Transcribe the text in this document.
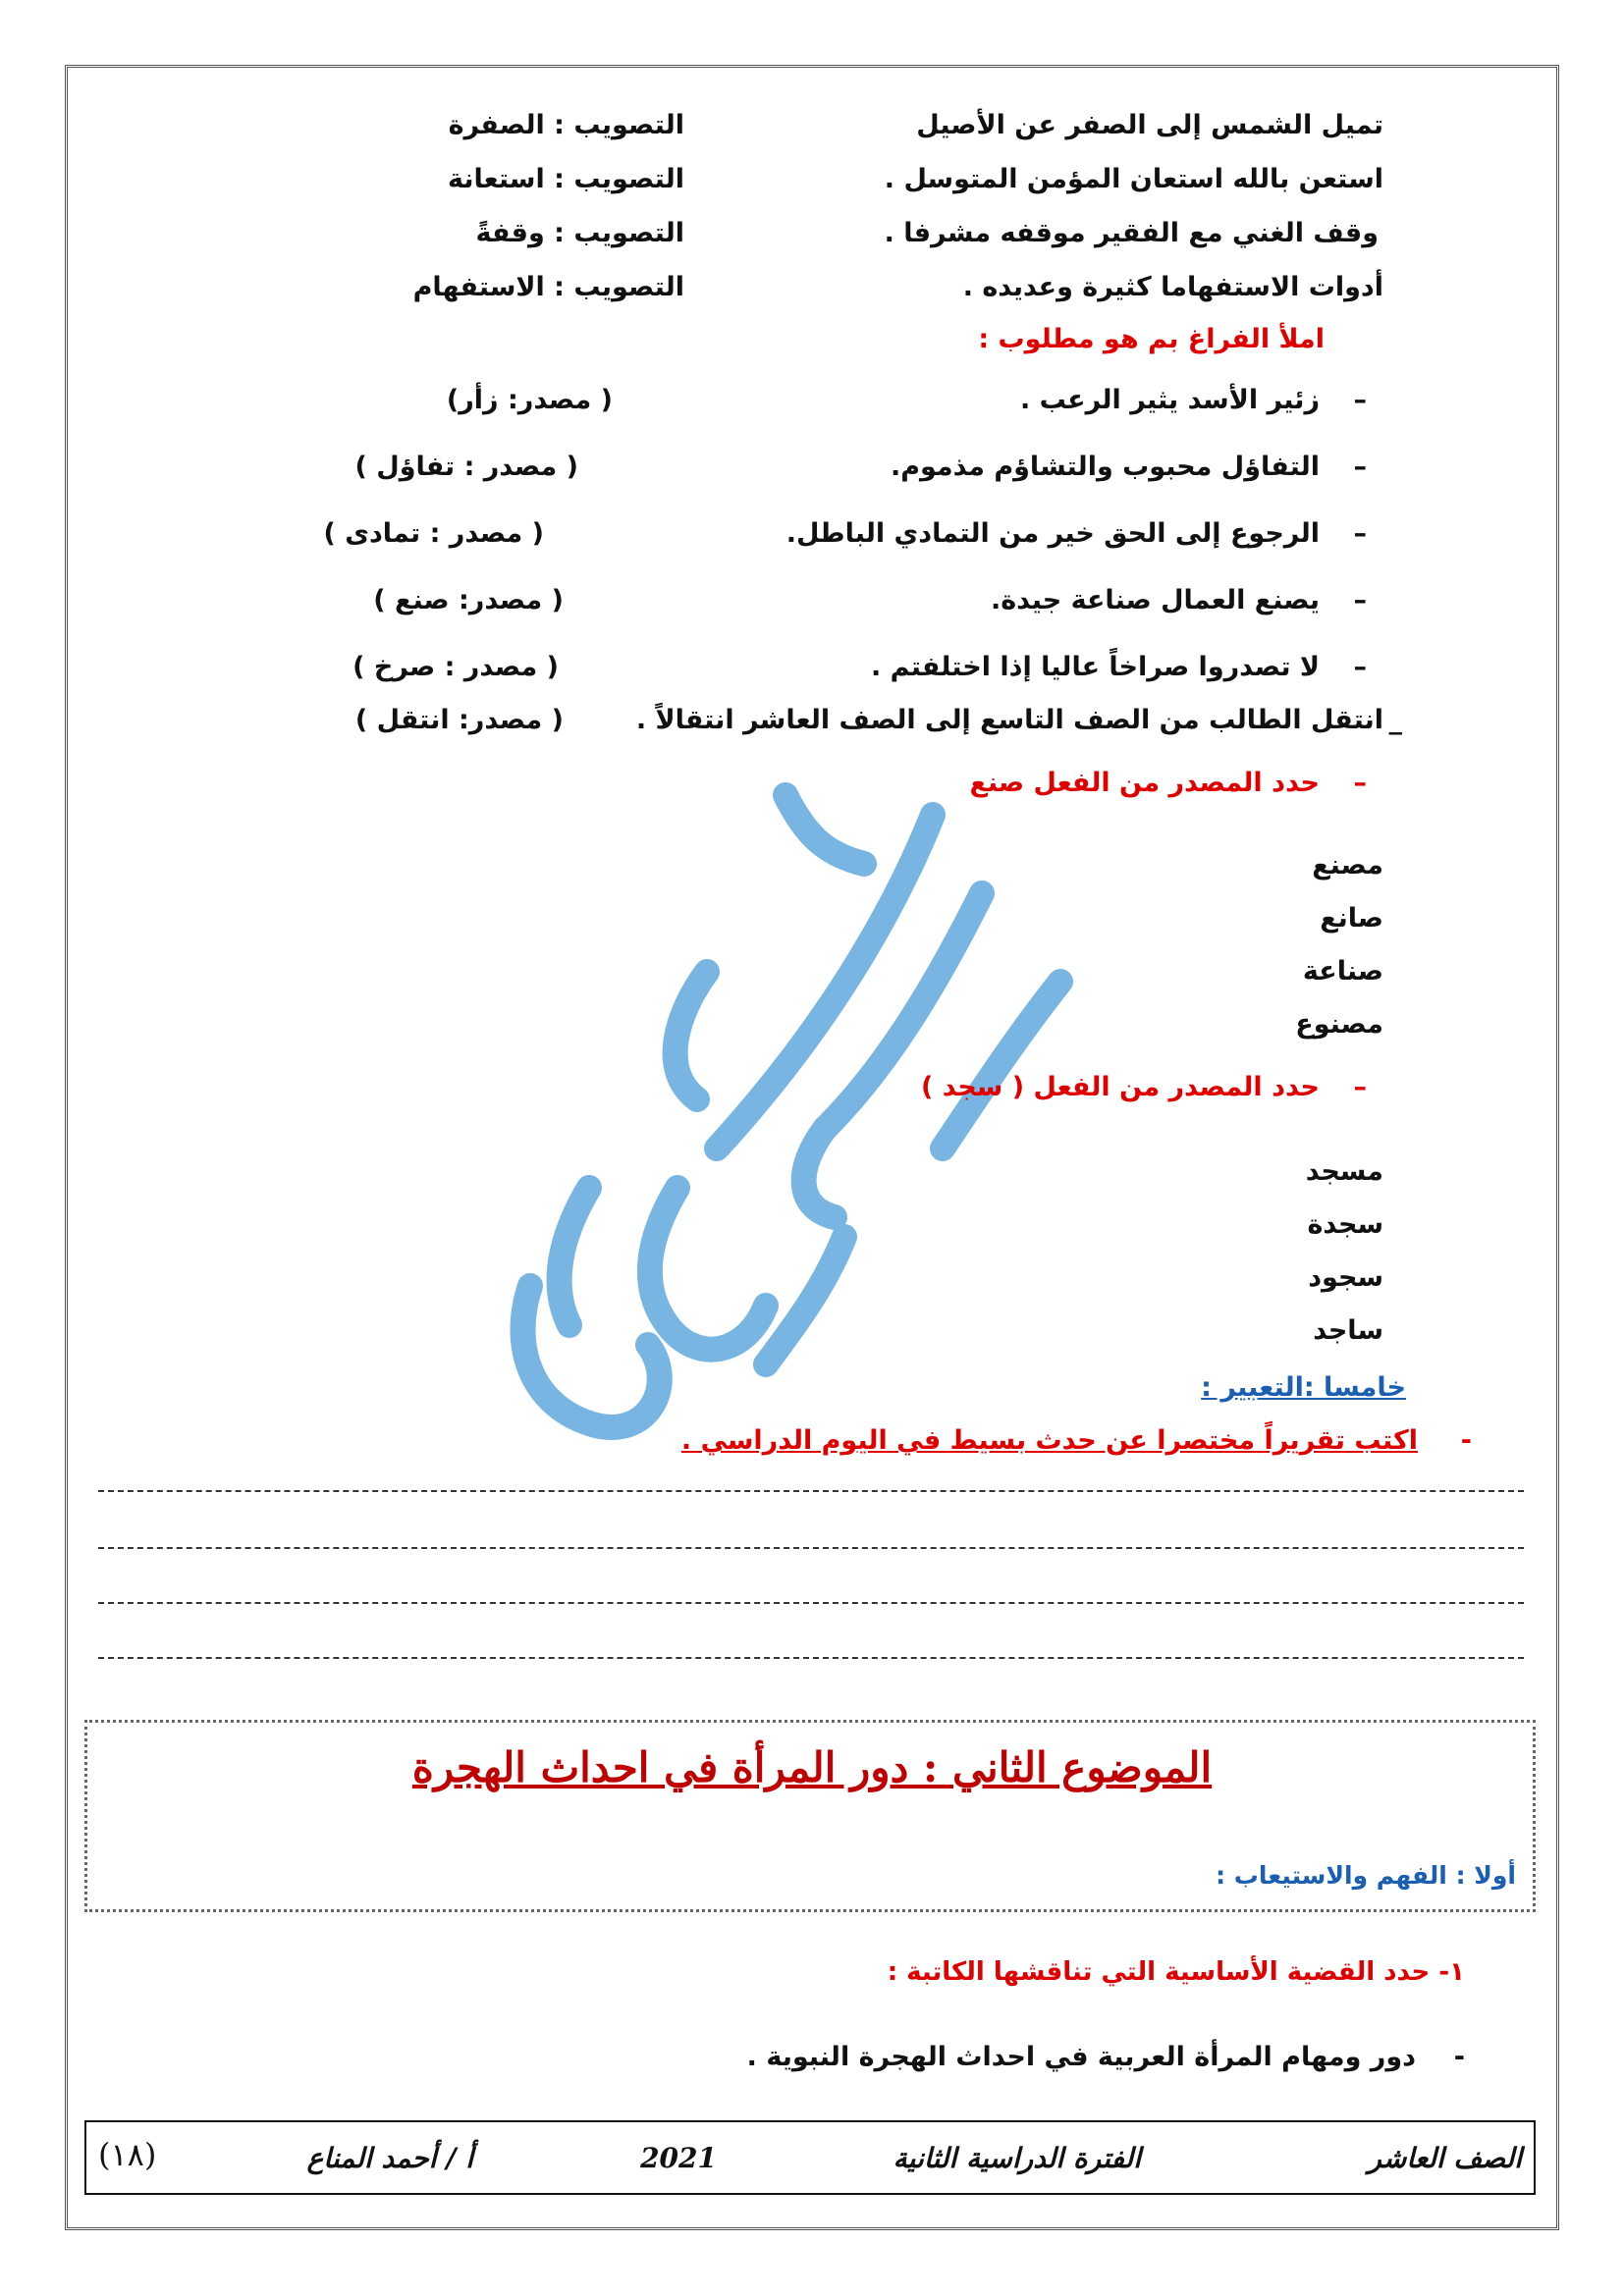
تميل الشمس إلى الصفر عن الأصيل
التصويب : الصفرة
استعن بالله استعان المؤمن المتوسل .
التصويب : استعانة
وقف الغني مع الفقير موقفه مشرفا .
التصويب : وقفةً
أدوات الاستفهاما كثيرة وعديده .
التصويب : الاستفهام
املأ الفراغ بم هو مطلوب :
–
زئير الأسد يثير الرعب .
( مصدر: زأر)
–
التفاؤل محبوب والتشاؤم مذموم.
( مصدر : تفاؤل )
–
الرجوع إلى الحق خير من التمادي الباطل.
( مصدر : تمادى )
–
يصنع العمال صناعة جيدة.
( مصدر: صنع )
–
لا تصدروا صراخاً عاليا إذا اختلفتم .
( مصدر : صرخ )
_
انتقل الطالب من الصف التاسع إلى الصف العاشر انتقالاً .
( مصدر: انتقل )
–
حدد المصدر من الفعل صنع
مصنع
صانع
صناعة
مصنوع
–
حدد المصدر من الفعل ( سجد )
مسجد
سجدة
سجود
ساجد
خامسا :التعبير :
-
اكتب تقريراً مختصرا عن حدث بسيط في اليوم الدراسي .
الموضوع الثاني : دور المرأة في احداث الهجرة
أولا : الفهم والاستيعاب :
١- حدد القضية الأساسية التي تناقشها الكاتبة :
-
دور ومهام المرأة العربية في احداث الهجرة النبوية .
الصف العاشر
الفترة الدراسية الثانية
2021
أ / أحمد المناع
(١٨)
